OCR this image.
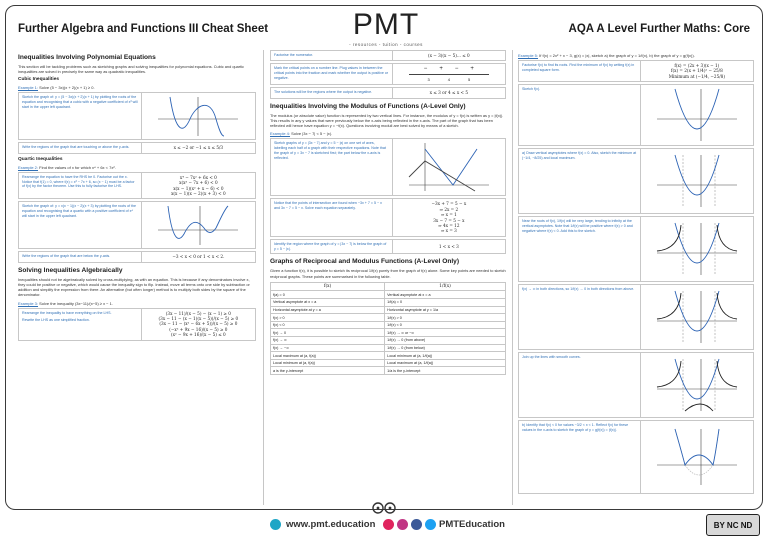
Further Algebra and Functions III Cheat Sheet	PMT
- resources - tuition - courses
AQA A Level Further Maths: Core
Inequalities Involving Polynomial Equations

This section will be tackling problems such as sketching graphs and solving inequalities for polynomial equations. Cubic and quartic inequalities are solved in precisely the same way as quadratic inequalities.

Cubic Inequalities
Example 1: Solve (5 − 3x)(x + 2)(x + 1) ≥ 0.
Sketch the graph of: y = (5 − 3x)(x + 2)(x + 1) by plotting the roots of the equation and recognising that a cubic with a negative coefficient of x³ will start in the upper left quadrant.
Write the regions of the graph that are touching or above the y-axis.	x ≤ −2 or −1 ≤ x ≤ 5/3
Quartic Inequalities
Example 2: Find the values of x for which x⁴ + 6x < 7x².
Rearrange the equation to have the RHS be 0. Factorise out the x. Notice that f(1) = 0, where f(x) = x³ − 7x + 6, so (x − 1) must be a factor of f(x) by the factor theorem. Use this to fully factorise the LHS.
x⁴ − 7x² + 6x < 0
x(x³ − 7x + 6) < 0
x(x − 1)(x² + x − 6) < 0
x(x − 1)(x − 2)(x + 3) < 0
Sketch the graph of: y = x(x − 1)(x − 2)(x + 3) by plotting the roots of the equation and recognising that a quartic with a positive coefficient of x⁴ will start in the upper left quadrant.
Write the regions of the graph that are below the y-axis.	−3 < x < 0 or 1 < x < 2.
Solving Inequalities Algebraically

Inequalities should not be algebraically solved by cross-multiplying, as with an equation. This is because if any denominators involve x, they could be positive or negative, which would cause the inequality sign to flip. Instead, move all terms onto one side by subtraction or addition and simplify the expression from there. An alternative (but often longer) method is to multiply both sides by the square of the denominator.

Example 3: Solve the inequality (3x−11)/(x−5) ≥ x − 1.
Rearrange the inequality to have everything on the LHS.
Rewrite the LHS as one simplified fraction.
(3x − 11)/(x − 5) − (x − 1) ≥ 0
(3x − 11 − (x − 1)(x − 5))/(x − 5) ≥ 0
(3x − 11 − (x² − 6x + 5))/(x − 5) ≥ 0
(−x² + 9x − 16)/(x − 5) ≥ 0
(x² − 9x + 16)/(x − 5) ≤ 0
Factorise the numerator.	(x − 3)(x − 5)... ≤ 0
Mark the critical points on a number line. Plug values in between the critical points into the fraction and mark whether the output is positive or negative.
− + − +
3	4	5
The solutions will be the regions where the output is negative.	x ≤ 3 or 4 ≤ x < 5
Inequalities Involving the Modulus of Functions (A-Level Only)

The modulus (or absolute value) function is represented by two vertical lines. For instance, the modulus of y = f(x) is written as y = |f(x)|. This results in any y values that were previously below the x-axis being reflected in the x-axis. The part of the graph that has been reflected will hence have equation y = −f(x). Questions involving moduli are best solved by means of a sketch.

Example 4: Solve |3x − 7| < 5 − |x|.
Sketch graphs of y = |3x − 7| and y = 5 − |x| on one set of axes, labelling each half of a graph with their respective equations. Note that the graph of y = 3x − 7 is sketched first; the part below the x-axis is reflected.
Notice that the points of intersection are found when −3x + 7 = 5 − x and 3x − 7 = 5 − x. Solve each equation separately.
−3x + 7 = 5 − x
⇒ 2x = 2
⇒ x = 1
3x − 7 = 5 − x
⇒ 4x = 12
⇒ x = 3
Identify the region where the graph of y = |3x − 7| is below the graph of y = 5 − |x|.	1 < x < 3
Graphs of Reciprocal and Modulus Functions (A-Level Only)

Given a function f(x), it is possible to sketch its reciprocal 1/f(x) purely from the graph of f(x) alone. Some key points are needed to sketch reciprocal graphs. These points are summarised in the following table.

f(x)	1/f(x)
f(a) = 0	Vertical asymptote at x = a
Vertical asymptote at x = a	1/f(a) = 0
Horizontal asymptote at y = a	Horizontal asymptote at y = 1/a
f(x) > 0	1/f(x) > 0
f(x) < 0	1/f(x) < 0
f(x) → 0	1/f(x) → ∞ or −∞
f(x) → ∞	1/f(x) → 0 (from above)
f(x) → −∞	1/f(x) → 0 (from below)
Local maximum at (a, f(a))	Local minimum at (a, 1/f(a))
Local minimum at (a, f(a))	Local maximum at (a, 1/f(a))
a is the y-intercept	1/a is the y-intercept
Example 5: If f(x) = 2x² + x − 3, g(x) = |x|, sketch a) the graph of y = 1/f(x), b) the graph of y = g(f(x)).
Factorise f(x) to find its roots. Find the minimum of f(x) by writing f(x) in completed square form.
f(x) = (2x + 3)(x − 1)
f(x) = 2(x + 1/4)² − 25/8
Minimum at (−1/4, −25/8)
Sketch f(x).
a) Draw vertical asymptotes where f(x) = 0. Also, sketch the minimum at (−1/4, −8/25) and local maximum.
Near the roots of f(x), 1/f(x) will be very large, tending to infinity at the vertical asymptotes. Note that 1/f(x) will be positive where f(x) > 0 and negative where f(x) < 0. Add this to the sketch.
f(x) → ∞ in both directions, so 1/f(x) → 0 in both directions from above.
Join up the lines with smooth curves.
b) Identify that f(x) < 0 for values −3/2 < x < 1. Reflect f(x) for these values in the x-axis to sketch the graph of y = g(f(x)) = |f(x)|.
www.pmt.education	PMTEducation	BY NC ND
